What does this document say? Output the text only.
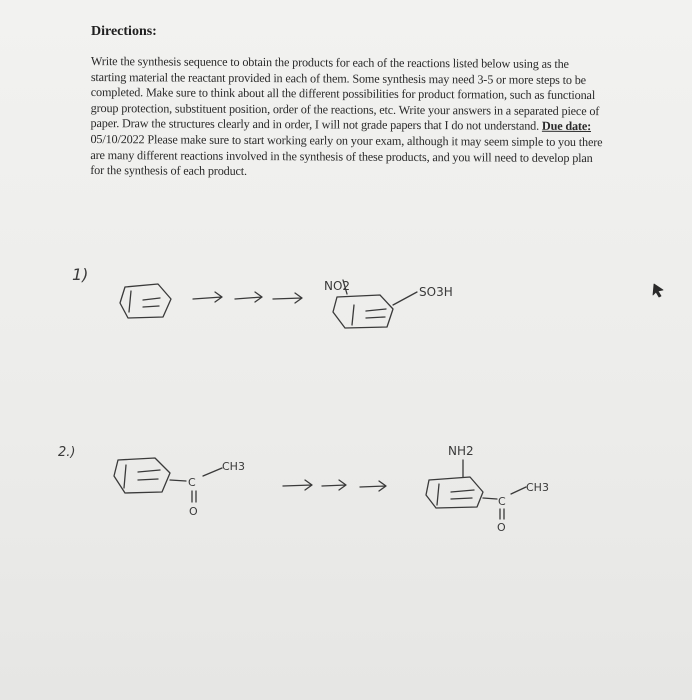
Directions:

Write the synthesis sequence to obtain the products for each of the reactions listed below using as the starting material the reactant provided in each of them. Some synthesis may need 3-5 or more steps to be completed. Make sure to think about all the different possibilities for product formation, such as functional group protection, substituent position, order of the reactions, etc. Write your answers in a separated piece of paper. Draw the structures clearly and in order, I will not grade papers that I do not understand. Due date: 05/10/2022 Please make sure to start working early on your exam, although it may seem simple to you there are many different reactions involved in the synthesis of these products, and you will need to develop plan for the synthesis of each product.

1)
NO2	SO3H
2.)
C
CH3
O
NH2
C
CH3
O
